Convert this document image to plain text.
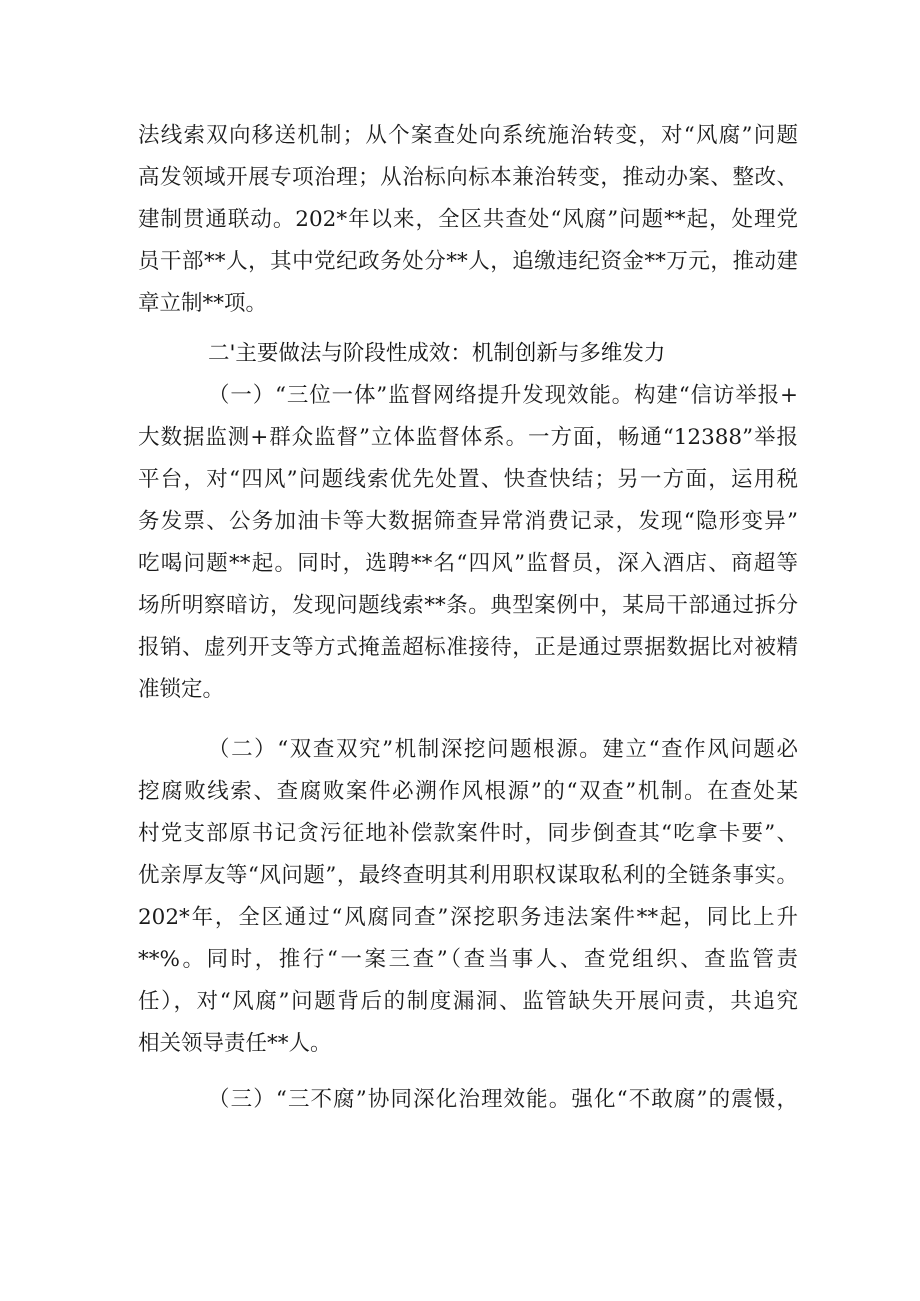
法线索双向移送机制；从个案查处向系统施治转变，对“风腐”问题
高发领域开展专项治理；从治标向标本兼治转变，推动办案、整改、
建制贯通联动。202*年以来，全区共查处“风腐”问题**起，处理党
员干部**人，其中党纪政务处分**人，追缴违纪资金**万元，推动建
章立制**项。
二'主要做法与阶段性成效：机制创新与多维发力
（一）“三位一体”监督网络提升发现效能。构建“信访举报+
大数据监测+群众监督”立体监督体系。一方面，畅通“12388”举报
平台，对“四风”问题线索优先处置、快查快结；另一方面，运用税
务发票、公务加油卡等大数据筛查异常消费记录，发现“隐形变异”
吃喝问题**起。同时，选聘**名“四风”监督员，深入酒店、商超等
场所明察暗访，发现问题线索**条。典型案例中，某局干部通过拆分
报销、虚列开支等方式掩盖超标准接待，正是通过票据数据比对被精
准锁定。
（二）“双查双究”机制深挖问题根源。建立“查作风问题必
挖腐败线索、查腐败案件必溯作风根源”的“双查”机制。在查处某
村党支部原书记贪污征地补偿款案件时，同步倒查其“吃拿卡要”、
优亲厚友等“风问题”，最终查明其利用职权谋取私利的全链条事实。
202*年，全区通过“风腐同查”深挖职务违法案件**起，同比上升
**%。同时，推行“一案三查”（查当事人、查党组织、查监管责
任），对“风腐”问题背后的制度漏洞、监管缺失开展问责，共追究
相关领导责任**人。
（三）“三不腐”协同深化治理效能。强化“不敢腐”的震慑，
